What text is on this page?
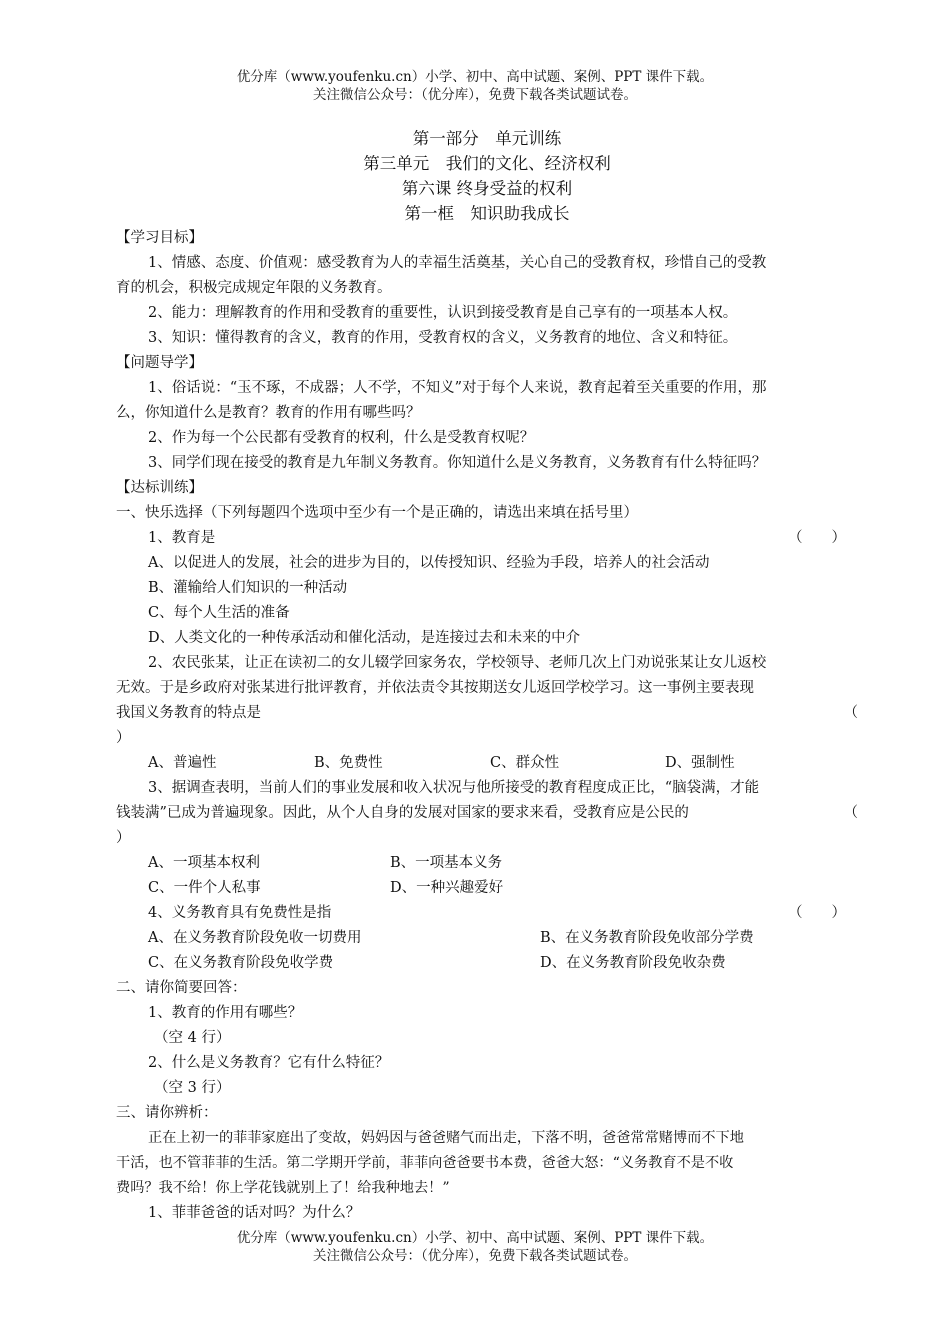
优分库（www.youfenku.cn）小学、初中、高中试题、案例、PPT 课件下载。
关注微信公众号：（优分库），免费下载各类试题试卷。
第一部分　单元训练
第三单元　我们的文化、经济权利
第六课 终身受益的权利
第一框　知识助我成长
【学习目标】
1、情感、态度、价值观：感受教育为人的幸福生活奠基，关心自己的受教育权，珍惜自己的受教
育的机会，积极完成规定年限的义务教育。
2、能力：理解教育的作用和受教育的重要性，认识到接受教育是自己享有的一项基本人权。
3、知识：懂得教育的含义，教育的作用，受教育权的含义，义务教育的地位、含义和特征。
【问题导学】
1、俗话说：“玉不琢，不成器；人不学，不知义”对于每个人来说，教育起着至关重要的作用，那
么，你知道什么是教育？教育的作用有哪些吗？
2、作为每一个公民都有受教育的权利，什么是受教育权呢？
3、同学们现在接受的教育是九年制义务教育。你知道什么是义务教育，义务教育有什么特征吗？
【达标训练】
一、快乐选择（下列每题四个选项中至少有一个是正确的，请选出来填在括号里）
1、教育是	（　　）
A、以促进人的发展，社会的进步为目的，以传授知识、经验为手段，培养人的社会活动
B、灌输给人们知识的一种活动
C、每个人生活的准备
D、人类文化的一种传承活动和催化活动，是连接过去和未来的中介
2、农民张某，让正在读初二的女儿辍学回家务农，学校领导、老师几次上门劝说张某让女儿返校
无效。于是乡政府对张某进行批评教育，并依法责令其按期送女儿返回学校学习。这一事例主要表现
我国义务教育的特点是	（
）
A、普遍性	B、免费性	C、群众性	D、强制性
3、据调查表明，当前人们的事业发展和收入状况与他所接受的教育程度成正比，“脑袋满，才能
钱装满”已成为普遍现象。因此，从个人自身的发展对国家的要求来看，受教育应是公民的	（
）
A、一项基本权利	B、一项基本义务
C、一件个人私事	D、一种兴趣爱好
4、义务教育具有免费性是指	（　　）
A、在义务教育阶段免收一切费用	B、在义务教育阶段免收部分学费
C、在义务教育阶段免收学费	D、在义务教育阶段免收杂费
二、请你简要回答：
1、教育的作用有哪些？
（空 4 行）
2、什么是义务教育？它有什么特征？
（空 3 行）
三、请你辨析：
正在上初一的菲菲家庭出了变故，妈妈因与爸爸赌气而出走，下落不明，爸爸常常赌博而不下地
干活，也不管菲菲的生活。第二学期开学前，菲菲向爸爸要书本费，爸爸大怒：“义务教育不是不收
费吗？我不给！你上学花钱就别上了！给我种地去！”
1、菲菲爸爸的话对吗？为什么？
优分库（www.youfenku.cn）小学、初中、高中试题、案例、PPT 课件下载。
关注微信公众号：（优分库），免费下载各类试题试卷。
